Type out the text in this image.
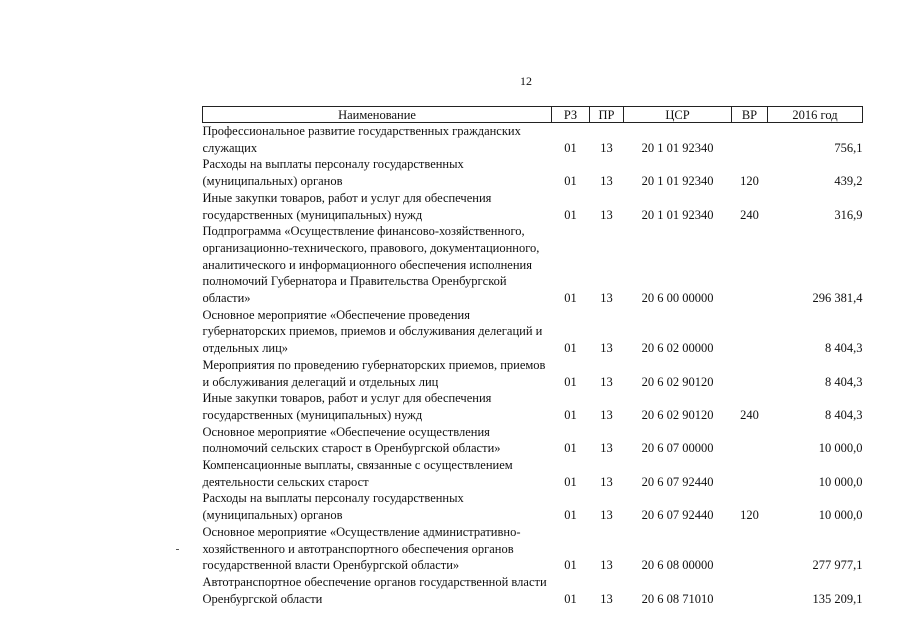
12
Наименование	РЗ	ПР	ЦСР	ВР	2016 год
Профессиональное развитие государственных гражданских служащих	01	13	20 1 01 92340		756,1
Расходы на выплаты персоналу государственных (муниципальных) органов	01	13	20 1 01 92340	120	439,2
Иные закупки товаров, работ и услуг для обеспечения государственных (муниципальных) нужд	01	13	20 1 01 92340	240	316,9
Подпрограмма «Осуществление финансово-хозяйственного, организационно-технического, правового, документационного, аналитического и информационного обеспечения исполнения полномочий Губернатора и Правительства Оренбургской области»	01	13	20 6 00 00000		296 381,4
Основное мероприятие «Обеспечение проведения губернаторских приемов, приемов и обслуживания делегаций и отдельных лиц»	01	13	20 6 02 00000		8 404,3
Мероприятия по проведению губернаторских приемов, приемов и обслуживания делегаций и отдельных лиц	01	13	20 6 02 90120		8 404,3
Иные закупки товаров, работ и услуг для обеспечения государственных (муниципальных) нужд	01	13	20 6 02 90120	240	8 404,3
Основное мероприятие «Обеспечение осуществления полномочий сельских старост в Оренбургской области»	01	13	20 6 07 00000		10 000,0
Компенсационные выплаты, связанные с осуществлением деятельности сельских старост	01	13	20 6 07 92440		10 000,0
Расходы на выплаты персоналу государственных (муниципальных) органов	01	13	20 6 07 92440	120	10 000,0
Основное мероприятие «Осуществление административно-хозяйственного и автотранспортного обеспечения органов государственной власти Оренбургской области»	01	13	20 6 08 00000		277 977,1
Автотранспортное обеспечение органов государственной власти Оренбургской области	01	13	20 6 08 71010		135 209,1
